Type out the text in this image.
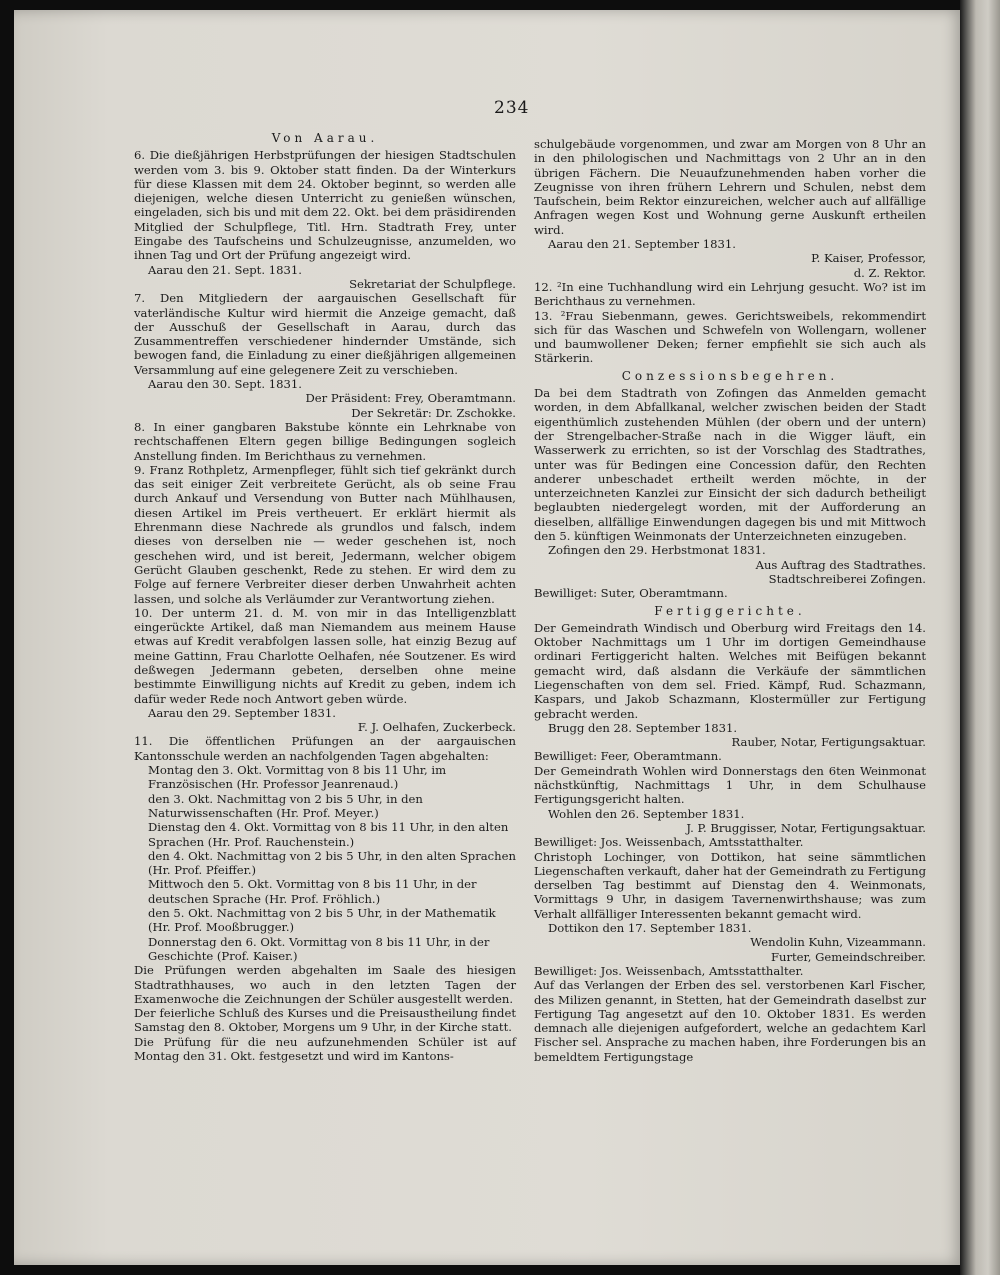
234

Von Aarau.

6. Die dießjährigen Herbstprüfungen der hiesigen Stadtschulen werden vom 3. bis 9. Oktober statt finden. Da der Winterkurs für diese Klassen mit dem 24. Oktober beginnt, so werden alle diejenigen, welche diesen Unterricht zu genießen wünschen, eingeladen, sich bis und mit dem 22. Okt. bei dem präsidirenden Mitglied der Schulpflege, Titl. Hrn. Stadtrath Frey, unter Eingabe des Taufscheins und Schulzeugnisse, anzumelden, wo ihnen Tag und Ort der Prüfung angezeigt wird.

Aarau den 21. Sept. 1831.

Sekretariat der Schulpflege.

7. Den Mitgliedern der aargauischen Gesellschaft für vaterländische Kultur wird hiermit die Anzeige gemacht, daß der Ausschuß der Gesellschaft in Aarau, durch das Zusammentreffen verschiedener hindernder Umstände, sich bewogen fand, die Einladung zu einer dießjährigen allgemeinen Versammlung auf eine gelegenere Zeit zu verschieben.

Aarau den 30. Sept. 1831.

Der Präsident: Frey, Oberamtmann.

Der Sekretär: Dr. Zschokke.

8. In einer gangbaren Bakstube könnte ein Lehrknabe von rechtschaffenen Eltern gegen billige Bedingungen sogleich Anstellung finden. Im Berichthaus zu vernehmen.

9. Franz Rothpletz, Armenpfleger, fühlt sich tief gekränkt durch das seit einiger Zeit verbreitete Gerücht, als ob seine Frau durch Ankauf und Versendung von Butter nach Mühlhausen, diesen Artikel im Preis vertheuert. Er erklärt hiermit als Ehrenmann diese Nachrede als grundlos und falsch, indem dieses von derselben nie — weder geschehen ist, noch geschehen wird, und ist bereit, Jedermann, welcher obigem Gerücht Glauben geschenkt, Rede zu stehen. Er wird dem zu Folge auf fernere Verbreiter dieser derben Unwahrheit achten lassen, und solche als Verläumder zur Verantwortung ziehen.

10. Der unterm 21. d. M. von mir in das Intelligenzblatt eingerückte Artikel, daß man Niemandem aus meinem Hause etwas auf Kredit verabfolgen lassen solle, hat einzig Bezug auf meine Gattinn, Frau Charlotte Oelhafen, née Soutzener. Es wird deßwegen Jedermann gebeten, derselben ohne meine bestimmte Einwilligung nichts auf Kredit zu geben, indem ich dafür weder Rede noch Antwort geben würde.

Aarau den 29. September 1831.

F. J. Oelhafen, Zuckerbeck.

11. Die öffentlichen Prüfungen an der aargauischen Kantonsschule werden an nachfolgenden Tagen abgehalten:

Montag den 3. Okt. Vormittag von 8 bis 11 Uhr, im Französischen (Hr. Professor Jeanrenaud.)

den 3. Okt. Nachmittag von 2 bis 5 Uhr, in den Naturwissenschaften (Hr. Prof. Meyer.)

Dienstag den 4. Okt. Vormittag von 8 bis 11 Uhr, in den alten Sprachen (Hr. Prof. Rauchenstein.)

den 4. Okt. Nachmittag von 2 bis 5 Uhr, in den alten Sprachen (Hr. Prof. Pfeiffer.)

Mittwoch den 5. Okt. Vormittag von 8 bis 11 Uhr, in der deutschen Sprache (Hr. Prof. Fröhlich.)

den 5. Okt. Nachmittag von 2 bis 5 Uhr, in der Mathematik (Hr. Prof. Mooßbrugger.)

Donnerstag den 6. Okt. Vormittag von 8 bis 11 Uhr, in der Geschichte (Prof. Kaiser.)

Die Prüfungen werden abgehalten im Saale des hiesigen Stadtrathhauses, wo auch in den letzten Tagen der Examenwoche die Zeichnungen der Schüler ausgestellt werden.

Der feierliche Schluß des Kurses und die Preisaustheilung findet Samstag den 8. Oktober, Morgens um 9 Uhr, in der Kirche statt.

Die Prüfung für die neu aufzunehmenden Schüler ist auf Montag den 31. Okt. festgesetzt und wird im Kantons-

schulgebäude vorgenommen, und zwar am Morgen von 8 Uhr an in den philologischen und Nachmittags von 2 Uhr an in den übrigen Fächern. Die Neuaufzunehmenden haben vorher die Zeugnisse von ihren frühern Lehrern und Schulen, nebst dem Taufschein, beim Rektor einzureichen, welcher auch auf allfällige Anfragen wegen Kost und Wohnung gerne Auskunft ertheilen wird.

Aarau den 21. September 1831.

P. Kaiser, Professor,

d. Z. Rektor.

12. ²In eine Tuchhandlung wird ein Lehrjung gesucht. Wo? ist im Berichthaus zu vernehmen.

13. ²Frau Siebenmann, gewes. Gerichtsweibels, rekommendirt sich für das Waschen und Schwefeln von Wollengarn, wollener und baumwollener Deken; ferner empfiehlt sie sich auch als Stärkerin.

Conzessionsbegehren.

Da bei dem Stadtrath von Zofingen das Anmelden gemacht worden, in dem Abfallkanal, welcher zwischen beiden der Stadt eigenthümlich zustehenden Mühlen (der obern und der untern) der Strengelbacher-Straße nach in die Wigger läuft, ein Wasserwerk zu errichten, so ist der Vorschlag des Stadtrathes, unter was für Bedingen eine Concession dafür, den Rechten anderer unbeschadet ertheilt werden möchte, in der unterzeichneten Kanzlei zur Einsicht der sich dadurch betheiligt beglaubten niedergelegt worden, mit der Aufforderung an dieselben, allfällige Einwendungen dagegen bis und mit Mittwoch den 5. künftigen Weinmonats der Unterzeichneten einzugeben.

Zofingen den 29. Herbstmonat 1831.

Aus Auftrag des Stadtrathes.

Stadtschreiberei Zofingen.

Bewilliget: Suter, Oberamtmann.

Fertiggerichte.

Der Gemeindrath Windisch und Oberburg wird Freitags den 14. Oktober Nachmittags um 1 Uhr im dortigen Gemeindhause ordinari Fertiggericht halten. Welches mit Beifügen bekannt gemacht wird, daß alsdann die Verkäufe der sämmtlichen Liegenschaften von dem sel. Fried. Kämpf, Rud. Schazmann, Kaspars, und Jakob Schazmann, Klostermüller zur Fertigung gebracht werden.

Brugg den 28. September 1831.

Rauber, Notar, Fertigungsaktuar.

Bewilliget: Feer, Oberamtmann.

Der Gemeindrath Wohlen wird Donnerstags den 6ten Weinmonat nächstkünftig, Nachmittags 1 Uhr, in dem Schulhause Fertigungsgericht halten.

Wohlen den 26. September 1831.

J. P. Bruggisser, Notar, Fertigungsaktuar.

Bewilliget: Jos. Weissenbach, Amtsstatthalter.

Christoph Lochinger, von Dottikon, hat seine sämmtlichen Liegenschaften verkauft, daher hat der Gemeindrath zu Fertigung derselben Tag bestimmt auf Dienstag den 4. Weinmonats, Vormittags 9 Uhr, in dasigem Tavernenwirthshause; was zum Verhalt allfälliger Interessenten bekannt gemacht wird.

Dottikon den 17. September 1831.

Wendolin Kuhn, Vizeammann.

Furter, Gemeindschreiber.

Bewilliget: Jos. Weissenbach, Amtsstatthalter.

Auf das Verlangen der Erben des sel. verstorbenen Karl Fischer, des Milizen genannt, in Stetten, hat der Gemeindrath daselbst zur Fertigung Tag angesetzt auf den 10. Oktober 1831. Es werden demnach alle diejenigen aufgefordert, welche an gedachtem Karl Fischer sel. Ansprache zu machen haben, ihre Forderungen bis an bemeldtem Fertigungstage
